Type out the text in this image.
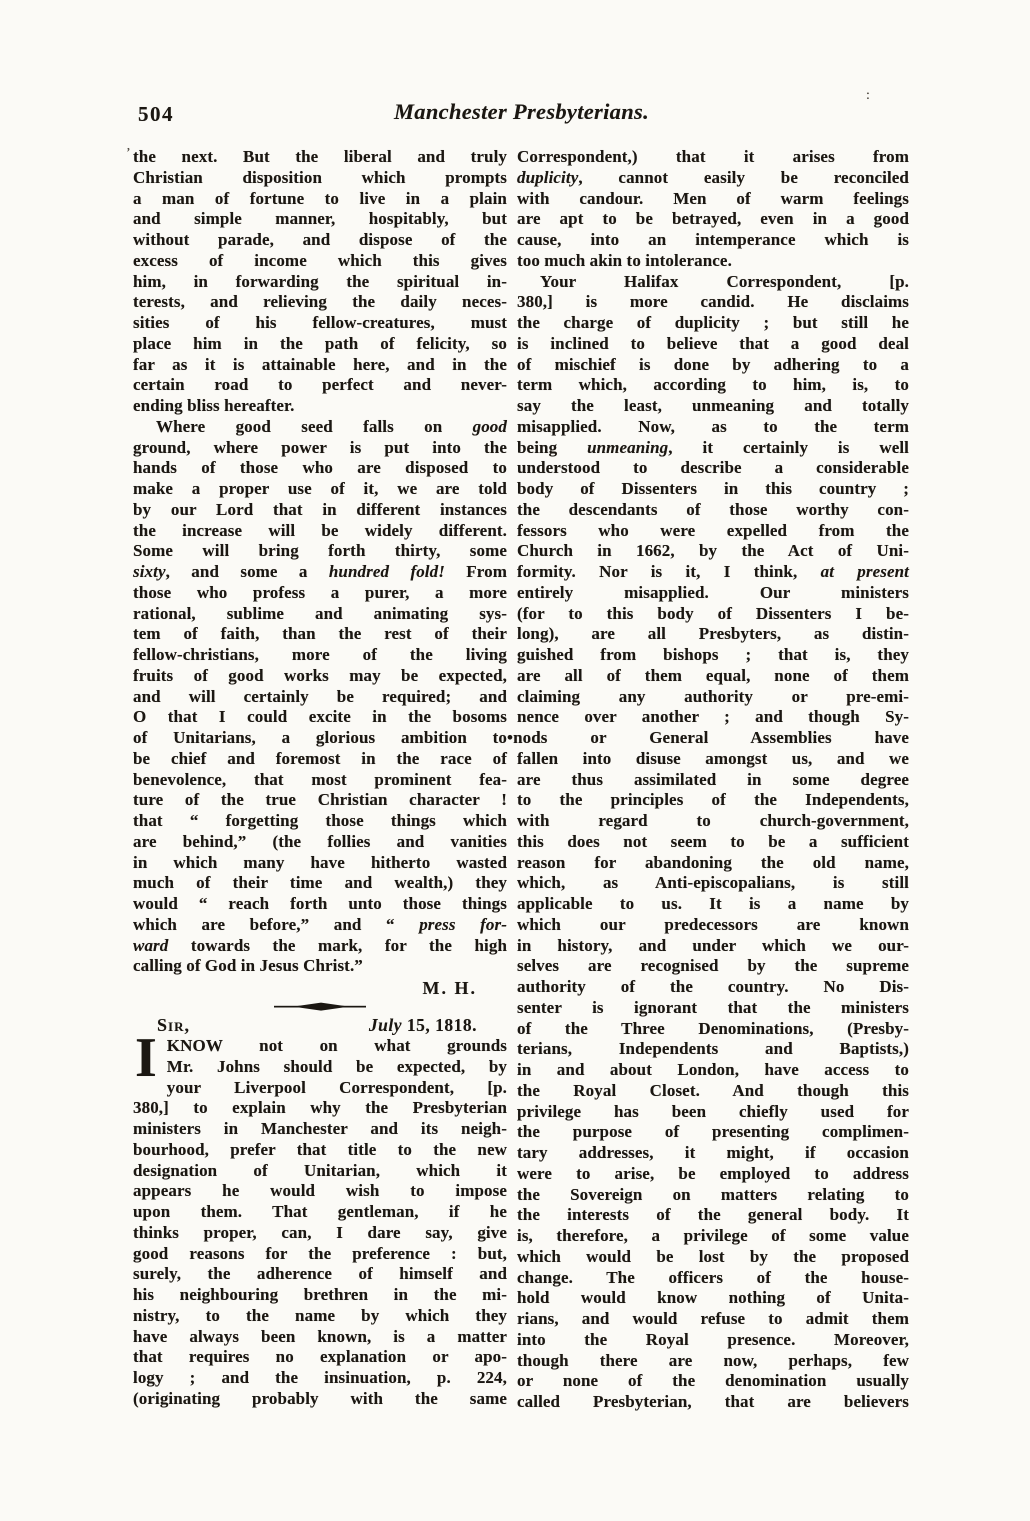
504	Manchester Presbyterians.
the next. But the liberal and truly
Christian disposition which prompts
a man of fortune to live in a plain
and simple manner, hospitably, but
without parade, and dispose of the
excess of income which this gives
him, in forwarding the spiritual in-
terests, and relieving the daily neces-
sities of his fellow-creatures, must
place him in the path of felicity, so
far as it is attainable here, and in the
certain road to perfect and never-
ending bliss hereafter.
Where good seed falls on good
ground, where power is put into the
hands of those who are disposed to
make a proper use of it, we are told
by our Lord that in different instances
the increase will be widely different.
Some will bring forth thirty, some
sixty, and some a hundred fold! From
those who profess a purer, a more
rational, sublime and animating sys-
tem of faith, than the rest of their
fellow-christians, more of the living
fruits of good works may be expected,
and will certainly be required; and
O that I could excite in the bosoms
of Unitarians, a glorious ambition to
be chief and foremost in the race of
benevolence, that most prominent fea-
ture of the true Christian character !
that “ forgetting those things which
are behind,” (the follies and vanities
in which many have hitherto wasted
much of their time and wealth,) they
would “ reach forth unto those things
which are before,” and “ press for-
ward towards the mark, for the high
calling of God in Jesus Christ.”
M. H.
Sir,	July 15, 1818.
I KNOW not on what grounds
Mr. Johns should be expected, by
your Liverpool Correspondent, [p.
380,] to explain why the Presbyterian
ministers in Manchester and its neigh-
bourhood, prefer that title to the new
designation of Unitarian, which it
appears he would wish to impose
upon them. That gentleman, if he
thinks proper, can, I dare say, give
good reasons for the preference : but,
surely, the adherence of himself and
his neighbouring brethren in the mi-
nistry, to the name by which they
have always been known, is a matter
that requires no explanation or apo-
logy ; and the insinuation, p. 224,
(originating probably with the same
Correspondent,) that it arises from
duplicity, cannot easily be reconciled
with candour. Men of warm feelings
are apt to be betrayed, even in a good
cause, into an intemperance which is
too much akin to intolerance.
Your Halifax Correspondent, [p.
380,] is more candid. He disclaims
the charge of duplicity ; but still he
is inclined to believe that a good deal
of mischief is done by adhering to a
term which, according to him, is, to
say the least, unmeaning and totally
misapplied. Now, as to the term
being unmeaning, it certainly is well
understood to describe a considerable
body of Dissenters in this country ;
the descendants of those worthy con-
fessors who were expelled from the
Church in 1662, by the Act of Uni-
formity. Nor is it, I think, at present
entirely misapplied. Our ministers
(for to this body of Dissenters I be-
long), are all Presbyters, as distin-
guished from bishops ; that is, they
are all of them equal, none of them
claiming any authority or pre-emi-
nence over another ; and though Sy-
•nods or General Assemblies have
fallen into disuse amongst us, and we
are thus assimilated in some degree
to the principles of the Independents,
with regard to church-government,
this does not seem to be a sufficient
reason for abandoning the old name,
which, as Anti-episcopalians, is still
applicable to us. It is a name by
which our predecessors are known
in history, and under which we our-
selves are recognised by the supreme
authority of the country. No Dis-
senter is ignorant that the ministers
of the Three Denominations, (Presby-
terians, Independents and Baptists,)
in and about London, have access to
the Royal Closet. And though this
privilege has been chiefly used for
the purpose of presenting complimen-
tary addresses, it might, if occasion
were to arise, be employed to address
the Sovereign on matters relating to
the interests of the general body. It
is, therefore, a privilege of some value
which would be lost by the proposed
change. The officers of the house-
hold would know nothing of Unita-
rians, and would refuse to admit them
into the Royal presence. Moreover,
though there are now, perhaps, few
or none of the denomination usually
called Presbyterian, that are believers
:
ʼ
